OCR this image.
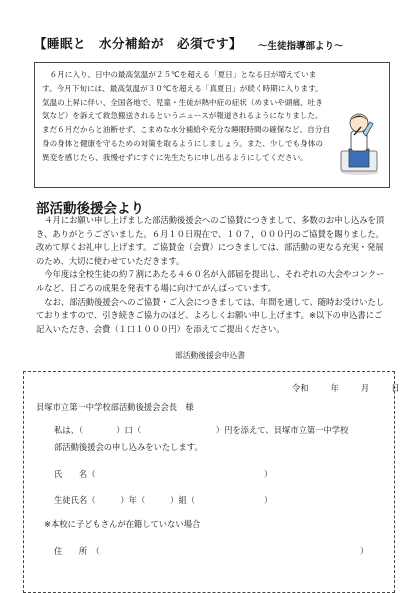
【睡眠と　水分補給が　必須です】 ～生徒指導部より～

６月に入り、日中の最高気温が２５℃を超える「夏日」となる日が増えています。今月下旬には、最高気温が３０℃を超える「真夏日」が続く時期に入ります。気温の上昇に伴い、全国各地で、児童・生徒が熱中症の症状（めまいや頭痛、吐き気など）を訴えて救急搬送されるというニュースが報道されるようになりました。まだ６月だからと油断せず、こまめな水分補給や充分な睡眠時間の確保など、自分自身の身体と健康を守るための対策を取るようにしましょう。また、少しでも身体の異変を感じたら、我慢せずにすぐに先生たちに申し出るようにしてください。

部活動後援会より

４月にお願い申し上げました部活動後援会へのご協賛につきまして、多数のお申し込みを頂き、ありがとうございました。６月１０日現在で、１０７，０００円のご協賛を賜りました。改めて厚くお礼申し上げます。ご協賛金（会費）につきましては、部活動の更なる充実・発展のため、大切に使わせていただきます。

今年度は全校生徒の約７割にあたる４６０名が入部届を提出し、それぞれの大会やコンクールなど、日ごろの成果を発表する場に向けてがんばっています。

なお、部活動後援会へのご協賛・ご入会につきましては、年間を通して、随時お受けいたしておりますので、引き続きご協力のほど、よろしくお願い申し上げます。※以下の申込書にご記入いただき、会費（１口１０００円）を添えてご提出ください。

部活動後援会申込書
令和	年	月	日
貝塚市立第一中学校部活動後援会会長　様
私は、（　　　　）口（　　　　　　　　　）円を添えて、貝塚市立第一中学校
部活動後援会の申し込みをいたします。
氏　　名（	）
生徒氏名（　　　）年（　　　）組（	）
※本校に子どもさんが在籍していない場合
住　　所　（	）
